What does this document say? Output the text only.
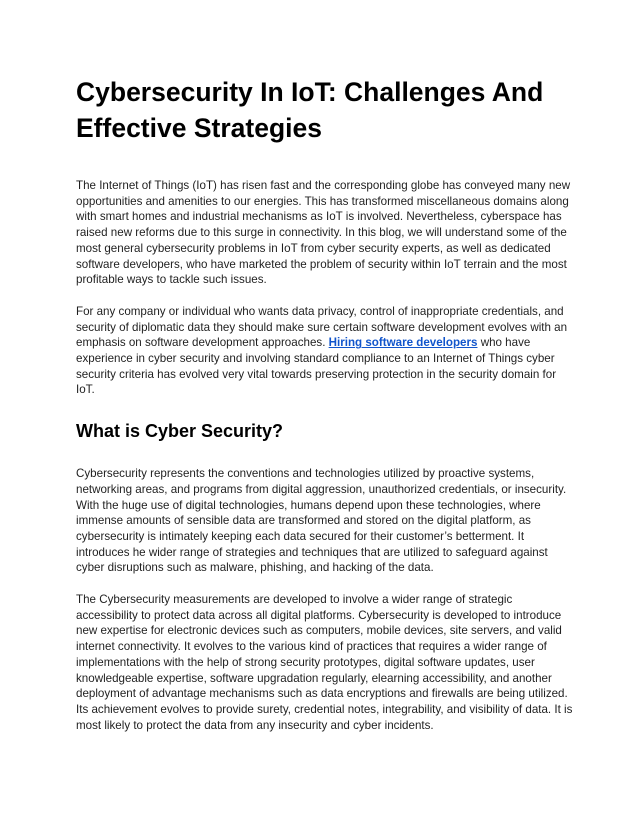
Cybersecurity In IoT: Challenges And Effective Strategies

The Internet of Things (IoT) has risen fast and the corresponding globe has conveyed many new opportunities and amenities to our energies. This has transformed miscellaneous domains along with smart homes and industrial mechanisms as IoT is involved. Nevertheless, cyberspace has raised new reforms due to this surge in connectivity. In this blog, we will understand some of the most general cybersecurity problems in IoT from cyber security experts, as well as dedicated software developers, who have marketed the problem of security within IoT terrain and the most profitable ways to tackle such issues.

For any company or individual who wants data privacy, control of inappropriate credentials, and security of diplomatic data they should make sure certain software development evolves with an emphasis on software development approaches. Hiring software developers who have experience in cyber security and involving standard compliance to an Internet of Things cyber security criteria has evolved very vital towards preserving protection in the security domain for IoT.

What is Cyber Security?

Cybersecurity represents the conventions and technologies utilized by proactive systems, networking areas, and programs from digital aggression, unauthorized credentials, or insecurity. With the huge use of digital technologies, humans depend upon these technologies, where immense amounts of sensible data are transformed and stored on the digital platform, as cybersecurity is intimately keeping each data secured for their customer’s betterment. It introduces he wider range of strategies and techniques that are utilized to safeguard against cyber disruptions such as malware, phishing, and hacking of the data.

The Cybersecurity measurements are developed to involve a wider range of strategic accessibility to protect data across all digital platforms. Cybersecurity is developed to introduce new expertise for electronic devices such as computers, mobile devices, site servers, and valid internet connectivity. It evolves to the various kind of practices that requires a wider range of implementations with the help of strong security prototypes, digital software updates, user knowledgeable expertise, software upgradation regularly, elearning accessibility, and another deployment of advantage mechanisms such as data encryptions and firewalls are being utilized. Its achievement evolves to provide surety, credential notes, integrability, and visibility of data. It is most likely to protect the data from any insecurity and cyber incidents.
